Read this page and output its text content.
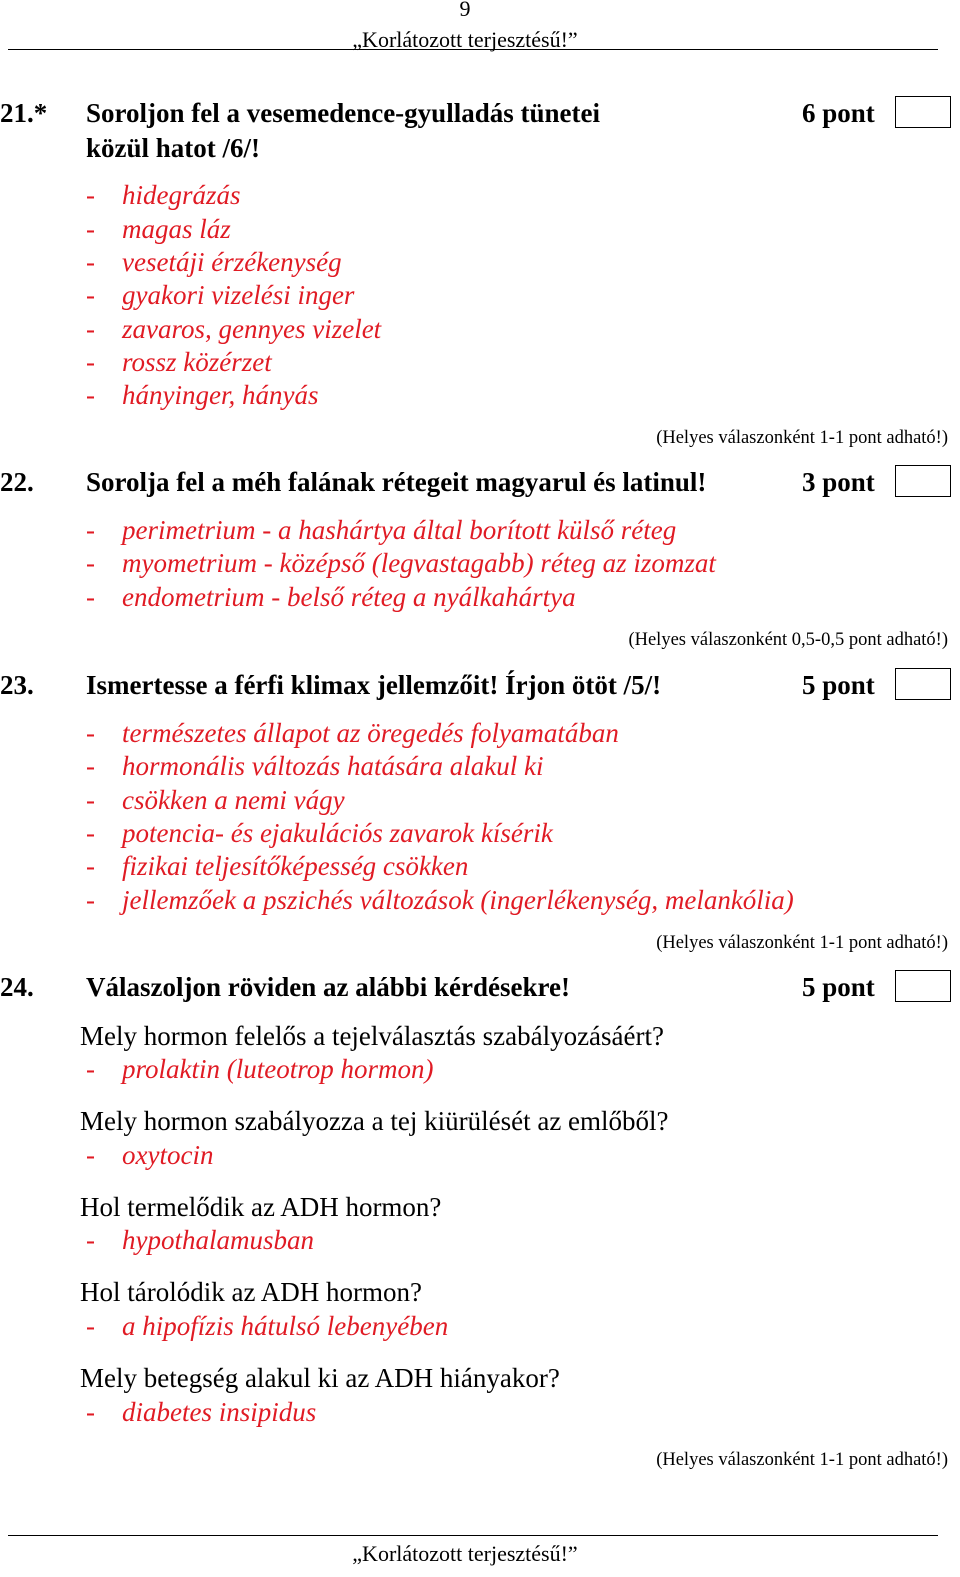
9
„Korlátozott terjesztésű!”
21.* Soroljon fel a vesemedence-gyulladás tünetei
közül hatot /6/!
6 pont
- hidegrázás
- magas láz
- vesetáji érzékenység
- gyakori vizelési inger
- zavaros, gennyes vizelet
- rossz közérzet
- hányinger, hányás
(Helyes válaszonként 1-1 pont adható!)
22. Sorolja fel a méh falának rétegeit magyarul és latinul!	3 pont
- perimetrium - a hashártya által borított külső réteg
- myometrium - középső (legvastagabb) réteg az izomzat
- endometrium - belső réteg a nyálkahártya
(Helyes válaszonként 0,5-0,5 pont adható!)
23. Ismertesse a férfi klimax jellemzőit! Írjon ötöt /5/!	5 pont
- természetes állapot az öregedés folyamatában
- hormonális változás hatására alakul ki
- csökken a nemi vágy
- potencia- és ejakulációs zavarok kísérik
- fizikai teljesítőképesség csökken
- jellemzőek a pszichés változások (ingerlékenység, melankólia)
(Helyes válaszonként 1-1 pont adható!)
24. Válaszoljon röviden az alábbi kérdésekre!	5 pont
Mely hormon felelős a tejelválasztás szabályozásáért?
- prolaktin (luteotrop hormon)
Mely hormon szabályozza a tej kiürülését az emlőből?
- oxytocin
Hol termelődik az ADH hormon?
- hypothalamusban
Hol tárolódik az ADH hormon?
- a hipofízis hátulsó lebenyében
Mely betegség alakul ki az ADH hiányakor?
- diabetes insipidus
(Helyes válaszonként 1-1 pont adható!)
„Korlátozott terjesztésű!”
